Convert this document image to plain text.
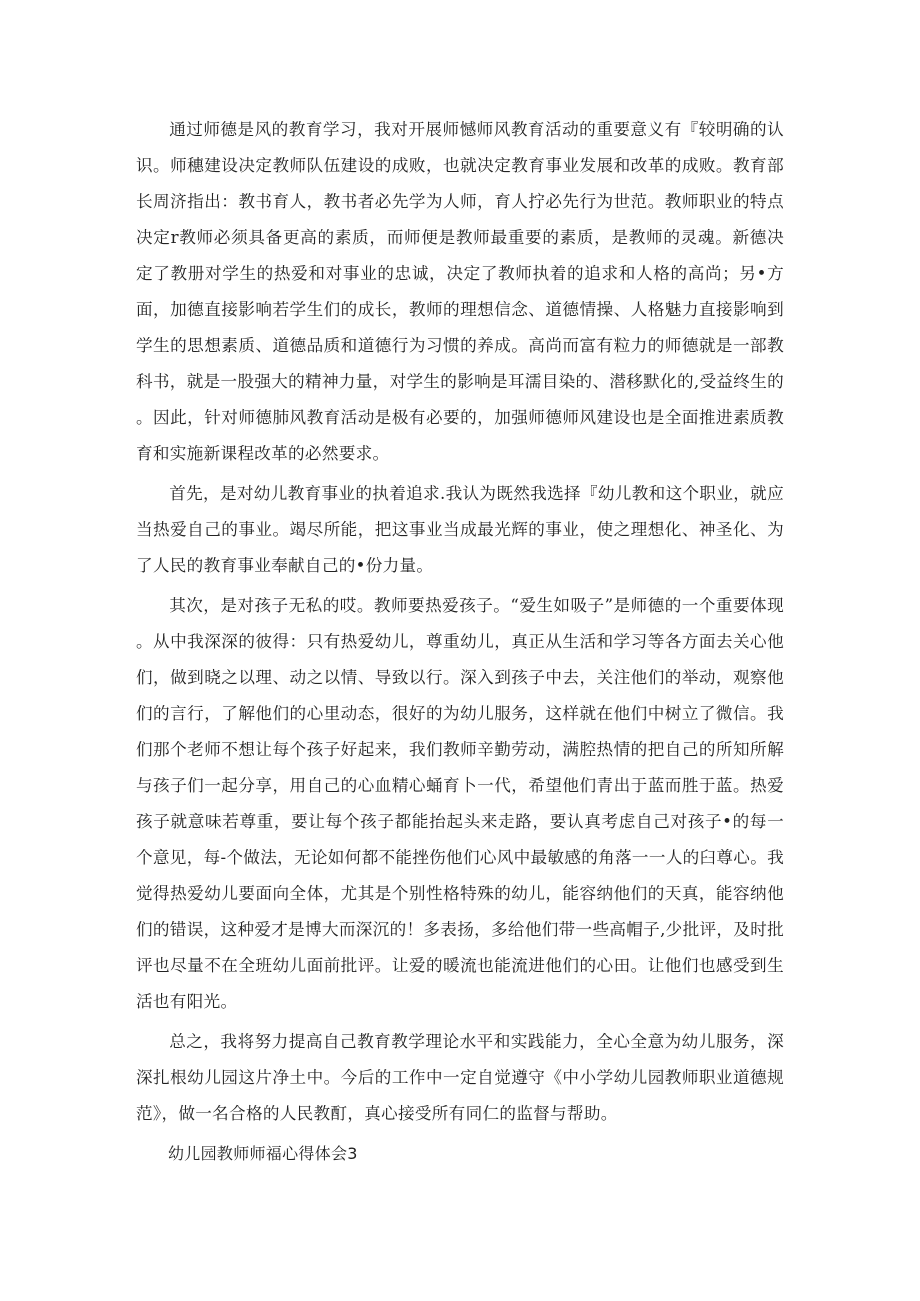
通过师德是风的教育学习，我对开展师憾师风教育活动的重要意义有『较明确的认识。师穗建设决定教师队伍建设的成败，也就决定教育事业发展和改革的成败。教育部长周济指出：教书育人，教书者必先学为人师，育人拧必先行为世范。教师职业的特点决定r教师必须具备更高的素质，而师便是教师最重要的素质，是教师的灵魂。新德决定了教册对学生的热爱和对事业的忠诚，决定了教师执着的追求和人格的高尚；另•方面，加德直接影响若学生们的成长，教师的理想信念、道德情操、人格魅力直接影响到学生的思想素质、道德品质和道德行为习惯的养成。高尚而富有粒力的师德就是一部教科书，就是一股强大的精神力量，对学生的影响是耳濡目染的、潜移默化的,受益终生的。因此，针对师德肺风教育活动是极有必要的，加强师德师风建设也是全面推进素质教育和实施新课程改革的必然要求。

首先，是对幼儿教育事业的执着追求.我认为既然我选择『幼儿教和这个职业，就应当热爱自己的事业。竭尽所能，把这事业当成最光辉的事业，使之理想化、神圣化、为了人民的教育事业奉献自己的•份力量。

其次，是对孩子无私的哎。教师要热爱孩子。“爱生如吸子”是师德的一个重要体现。从中我深深的彼得：只有热爱幼儿，尊重幼儿，真正从生活和学习等各方面去关心他们，做到晓之以理、动之以情、导致以行。深入到孩子中去，关注他们的举动，观察他们的言行，了解他们的心里动态，很好的为幼儿服务，这样就在他们中树立了微信。我们那个老师不想让每个孩子好起来，我们教师辛勤劳动，满腔热情的把自己的所知所解与孩子们一起分享，用自己的心血精心蛹育卜一代，希望他们青出于蓝而胜于蓝。热爱孩子就意味若尊重，要让每个孩子都能抬起头来走路，要认真考虑自己对孩子•的每一个意见，每-个做法，无论如何都不能挫伤他们心风中最敏感的角落一一人的臼尊心。我觉得热爱幼儿要面向全体，尤其是个别性格特殊的幼儿，能容纳他们的天真，能容纳他们的错误，这种爱才是博大而深沉的！多表扬，多给他们带一些高帽子,少批评，及时批评也尽量不在全班幼儿面前批评。让爱的暖流也能流进他们的心田。让他们也感受到生活也有阳光。

总之，我将努力提高自己教育教学理论水平和实践能力，全心全意为幼儿服务，深深扎根幼儿园这片净土中。今后的工作中一定自觉遵守《中小学幼儿园教师职业道德规范》，做一名合格的人民教酊，真心接受所有同仁的监督与帮助。

幼儿园教师师福心得体会3
